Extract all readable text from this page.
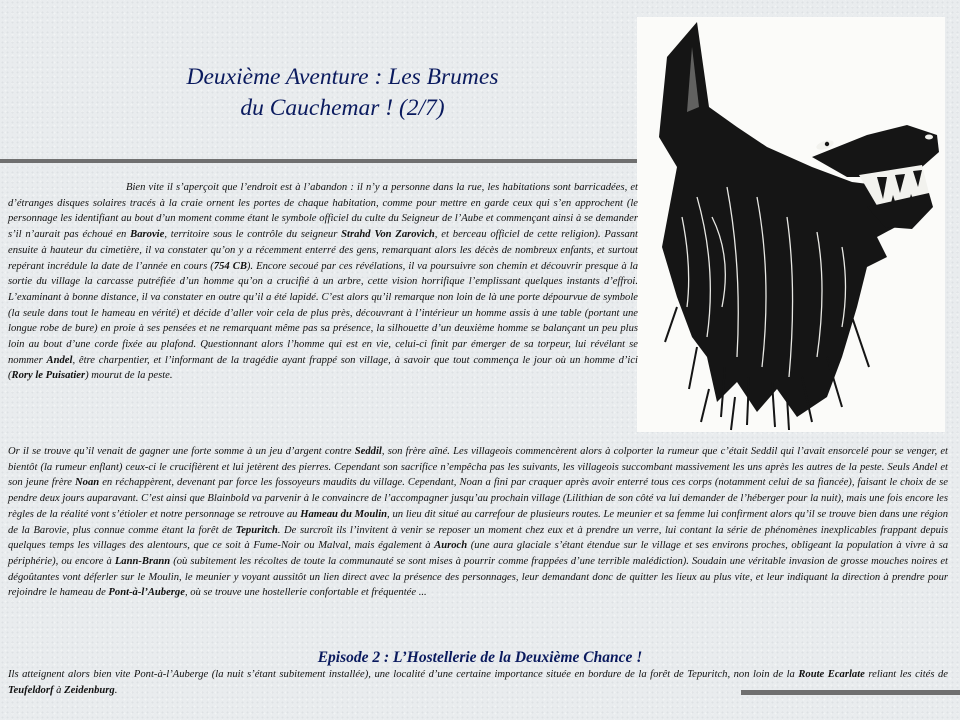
Deuxième Aventure : Les Brumes
du Cauchemar ! (2/7)

Bien vite il s’aperçoit que l’endroit est à l’abandon : il n’y a personne dans la rue, les habitations sont barricadées, et d’étranges disques solaires tracés à la craie ornent les portes de chaque habitation, comme pour mettre en garde ceux qui s’en approchent (le personnage les identifiant au bout d’un moment comme étant le symbole officiel du culte du Seigneur de l’Aube et commençant ainsi à se demander s’il n’aurait pas échoué en Barovie, territoire sous le contrôle du seigneur Strahd Von Zarovich, et berceau officiel de cette religion). Passant ensuite à hauteur du cimetière, il va constater qu’on y a récemment enterré des gens, remarquant alors les décès de nombreux enfants, et surtout repérant incrédule la date de l’année en cours (754 CB). Encore secoué par ces révélations, il va poursuivre son chemin et découvrir presque à la sortie du village la carcasse putréfiée d’un homme qu’on a crucifié à un arbre, cette vision horrifique l’emplissant quelques instants d’effroi. L’examinant à bonne distance, il va constater en outre qu’il a été lapidé. C’est alors qu’il remarque non loin de là une porte dépourvue de symbole (la seule dans tout le hameau en vérité) et décide d’aller voir cela de plus près, découvrant à l’intérieur un homme assis à une table (portant une longue robe de bure) en proie à ses pensées et ne remarquant même pas sa présence, la silhouette d’un deuxième homme se balançant un peu plus loin au bout d’une corde fixée au plafond. Questionnant alors l’homme qui est en vie, celui-ci finit par émerger de sa torpeur, lui révélant se nommer Andel, être charpentier, et l’informant de la tragédie ayant frappé son village, à savoir que tout commença le jour où un homme d’ici (Rory le Puisatier) mourut de la peste.

Or il se trouve qu’il venait de gagner une forte somme à un jeu d’argent contre Seddil, son frère aîné. Les villageois commencèrent alors à colporter la rumeur que c’était Seddil qui l’avait ensorcelé pour se venger, et bientôt (la rumeur enflant) ceux-ci le crucifièrent et lui jetèrent des pierres. Cependant son sacrifice n’empêcha pas les suivants, les villageois succombant massivement les uns après les autres de la peste. Seuls Andel et son jeune frère Noan en réchappèrent, devenant par force les fossoyeurs maudits du village. Cependant, Noan a fini par craquer après avoir enterré tous ces corps (notamment celui de sa fiancée), faisant le choix de se pendre deux jours auparavant. C’est ainsi que Blainbold va parvenir à le convaincre de l’accompagner jusqu’au prochain village (Lilithian de son côté va lui demander de l’héberger pour la nuit), mais une fois encore les règles de la réalité vont s’étioler et notre personnage se retrouve au Hameau du Moulin, un lieu dit situé au carrefour de plusieurs routes. Le meunier et sa femme lui confirment alors qu’il se trouve bien dans une région de la Barovie, plus connue comme étant la forêt de Tepuritch. De surcroît ils l’invitent à venir se reposer un moment chez eux et à prendre un verre, lui contant la série de phénomènes inexplicables frappant depuis quelques temps les villages des alentours, que ce soit à Fume-Noir ou Malval, mais également à Auroch (une aura glaciale s’étant étendue sur le village et ses environs proches, obligeant la population à vivre à sa périphérie), ou encore à Lann-Brann (où subitement les récoltes de toute la communauté se sont mises à pourrir comme frappées d’une terrible malédiction). Soudain une véritable invasion de grosse mouches noires et dégoûtantes vont déferler sur le Moulin, le meunier y voyant aussitôt un lien direct avec la présence des personnages, leur demandant donc de quitter les lieux au plus vite, et leur indiquant la direction à prendre pour rejoindre le hameau de Pont-à-l’Auberge, où se trouve une hostellerie confortable et fréquentée ...

Episode 2 : L’Hostellerie de la Deuxième Chance !

Ils atteignent alors bien vite Pont-à-l’Auberge (la nuit s’étant subitement installée), une localité d’une certaine importance située en bordure de la forêt de Tepuritch, non loin de la Route Ecarlate reliant les cités de Teufeldorf à Zeidenburg.
